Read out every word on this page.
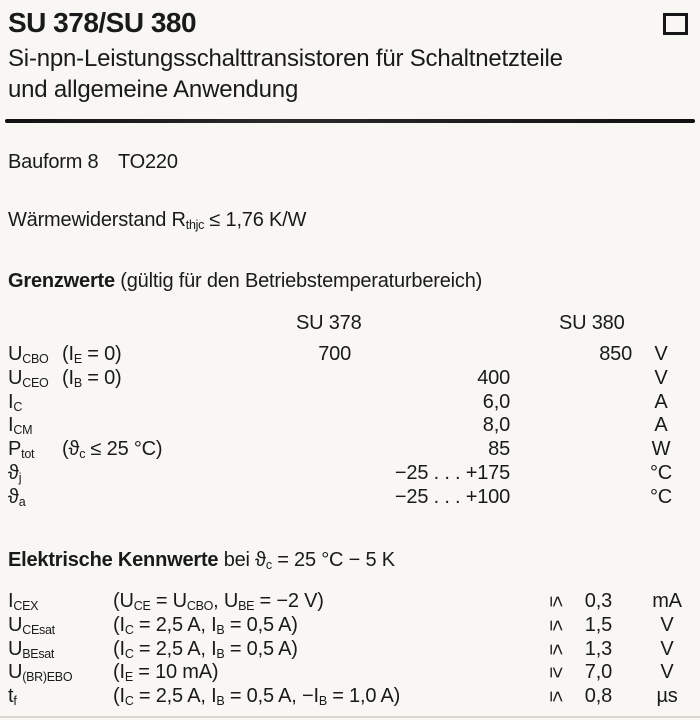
SU 378/SU 380
Si-npn-Leistungsschalttransistoren für Schaltnetzteile
und allgemeine Anwendung
Bauform 8 TO220
Wärmewiderstand $R_{thjc} \le 1,76$ K/W
Grenzwerte (gültig für den Betriebstemperaturbereich)
SU 378	SU 380
$U_{CBO}$ $(I_E = 0)$	700	850	V
$U_{CEO}$ $(I_B = 0)$	400	V
$I_C$	6,0	A
$I_{CM}$	8,0	A
$P_{tot}$ ($ϑ_c \le 25$ °C)	85	W
$ϑ_j$	−25 . . . +175	°C
$ϑ_a$	−25 . . . +100	°C
Elektrische Kennwerte bei $ϑ_c = 25$ °C − 5 K
$I_{CEX}$	($U_{CE} = U_{CBO}$, $U_{BE} = -2$ V)	≤ 0,3	mA
$U_{CEsat}$	($I_C = 2,5$ A, $I_B = 0,5$ A)	≤ 1,5	V
$U_{BEsat}$	($I_C = 2,5$ A, $I_B = 0,5$ A)	≤ 1,3	V
$U_{(BR)EBO}$ ($I_E = 10$ mA)	≥ 7,0	V
$t_f$	($I_C = 2,5$ A, $I_B = 0,5$ A, $-I_B = 1,0$ A)	≤ 0,8	µs
